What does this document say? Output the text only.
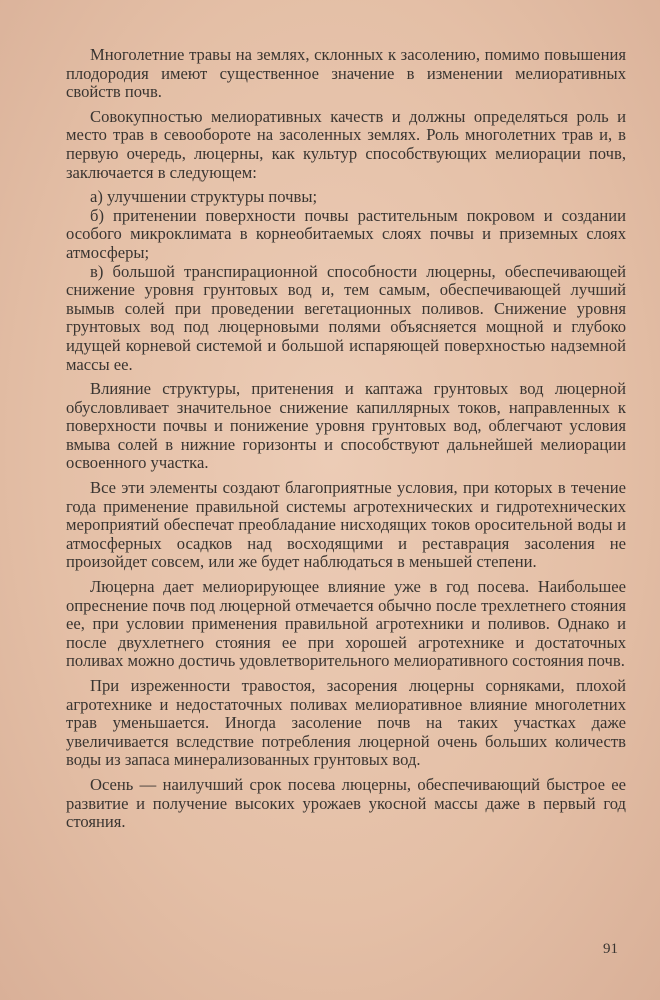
Многолетние травы на землях, склонных к засолению, помимо повышения плодородия имеют существенное значение в изменении мелиоративных свойств почв.

Совокупностью мелиоративных качеств и должны определяться роль и место трав в севообороте на засоленных землях. Роль многолетних трав и, в первую очередь, люцерны, как культур способствующих мелиорации почв, заключается в следующем:

а) улучшении структуры почвы;

б) притенении поверхности почвы растительным покровом и создании особого микроклимата в корнеобитаемых слоях почвы и приземных слоях атмосферы;

в) большой транспирационной способности люцерны, обеспечивающей снижение уровня грунтовых вод и, тем самым, обеспечивающей лучший вымыв солей при проведении вегетационных поливов. Снижение уровня грунтовых вод под люцерновыми полями объясняется мощной и глубоко идущей корневой системой и большой испаряющей поверхностью надземной массы ее.

Влияние структуры, притенения и каптажа грунтовых вод люцерной обусловливает значительное снижение капиллярных токов, направленных к поверхности почвы и понижение уровня грунтовых вод, облегчают условия вмыва солей в нижние горизонты и способствуют дальнейшей мелиорации освоенного участка.

Все эти элементы создают благоприятные условия, при которых в течение года применение правильной системы агротехнических и гидротехнических мероприятий обеспечат преобладание нисходящих токов оросительной воды и атмосферных осадков над восходящими и реставрация засоления не произойдет совсем, или же будет наблюдаться в меньшей степени.

Люцерна дает мелиорирующее влияние уже в год посева. Наибольшее опреснение почв под люцерной отмечается обычно после трехлетнего стояния ее, при условии применения правильной агротехники и поливов. Однако и после двухлетнего стояния ее при хорошей агротехнике и достаточных поливах можно достичь удовлетворительного мелиоративного состояния почв.

При изреженности травостоя, засорения люцерны сорняками, плохой агротехнике и недостаточных поливах мелиоративное влияние многолетних трав уменьшается. Иногда засоление почв на таких участках даже увеличивается вследствие потребления люцерной очень больших количеств воды из запаса минерализованных грунтовых вод.

Осень — наилучший срок посева люцерны, обеспечивающий быстрое ее развитие и получение высоких урожаев укосной массы даже в первый год стояния.

91
